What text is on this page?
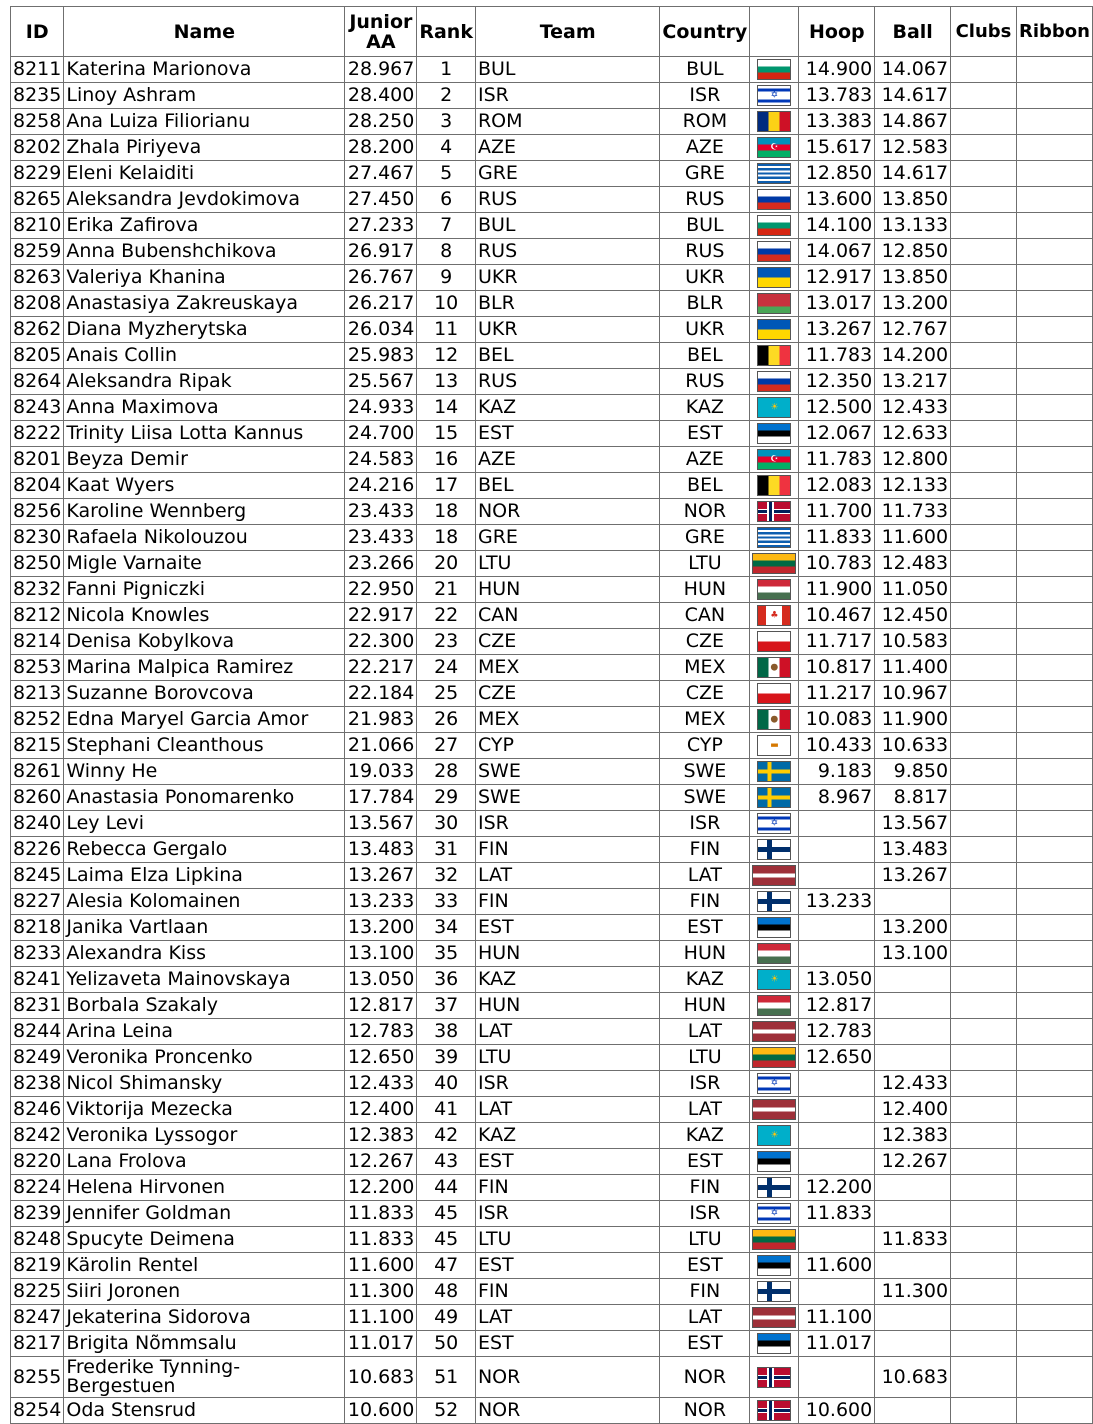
ID	Name	Junior AA	Rank	Team	Country		Hoop	Ball	Clubs	Ribbon
8211	Katerina Marionova	28.967	1	BUL	BUL		14.900	14.067		
8235	Linoy Ashram	28.400	2	ISR	ISR	✡	13.783	14.617		
8258	Ana Luiza Filiorianu	28.250	3	ROM	ROM		13.383	14.867		
8202	Zhala Piriyeva	28.200	4	AZE	AZE	☪	15.617	12.583		
8229	Eleni Kelaiditi	27.467	5	GRE	GRE		12.850	14.617		
8265	Aleksandra Jevdokimova	27.450	6	RUS	RUS		13.600	13.850		
8210	Erika Zafirova	27.233	7	BUL	BUL		14.100	13.133		
8259	Anna Bubenshchikova	26.917	8	RUS	RUS		14.067	12.850		
8263	Valeriya Khanina	26.767	9	UKR	UKR		12.917	13.850		
8208	Anastasiya Zakreuskaya	26.217	10	BLR	BLR		13.017	13.200		
8262	Diana Myzherytska	26.034	11	UKR	UKR		13.267	12.767		
8205	Anais Collin	25.983	12	BEL	BEL		11.783	14.200		
8264	Aleksandra Ripak	25.567	13	RUS	RUS		12.350	13.217		
8243	Anna Maximova	24.933	14	KAZ	KAZ	☀	12.500	12.433		
8222	Trinity Liisa Lotta Kannus	24.700	15	EST	EST		12.067	12.633		
8201	Beyza Demir	24.583	16	AZE	AZE	☪	11.783	12.800		
8204	Kaat Wyers	24.216	17	BEL	BEL		12.083	12.133		
8256	Karoline Wennberg	23.433	18	NOR	NOR		11.700	11.733		
8230	Rafaela Nikolouzou	23.433	18	GRE	GRE		11.833	11.600		
8250	Migle Varnaite	23.266	20	LTU	LTU		10.783	12.483		
8232	Fanni Pigniczki	22.950	21	HUN	HUN		11.900	11.050		
8212	Nicola Knowles	22.917	22	CAN	CAN	♣	10.467	12.450		
8214	Denisa Kobylkova	22.300	23	CZE	CZE		11.717	10.583		
8253	Marina Malpica Ramirez	22.217	24	MEX	MEX	●	10.817	11.400		
8213	Suzanne Borovcova	22.184	25	CZE	CZE		11.217	10.967		
8252	Edna Maryel Garcia Amor	21.983	26	MEX	MEX	●	10.083	11.900		
8215	Stephani Cleanthous	21.066	27	CYP	CYP	▬	10.433	10.633		
8261	Winny He	19.033	28	SWE	SWE		9.183	9.850		
8260	Anastasia Ponomarenko	17.784	29	SWE	SWE		8.967	8.817		
8240	Ley Levi	13.567	30	ISR	ISR	✡		13.567		
8226	Rebecca Gergalo	13.483	31	FIN	FIN			13.483		
8245	Laima Elza Lipkina	13.267	32	LAT	LAT			13.267		
8227	Alesia Kolomainen	13.233	33	FIN	FIN		13.233			
8218	Janika Vartlaan	13.200	34	EST	EST			13.200		
8233	Alexandra Kiss	13.100	35	HUN	HUN			13.100		
8241	Yelizaveta Mainovskaya	13.050	36	KAZ	KAZ	☀	13.050			
8231	Borbala Szakaly	12.817	37	HUN	HUN		12.817			
8244	Arina Leina	12.783	38	LAT	LAT		12.783			
8249	Veronika Proncenko	12.650	39	LTU	LTU		12.650			
8238	Nicol Shimansky	12.433	40	ISR	ISR	✡		12.433		
8246	Viktorija Mezecka	12.400	41	LAT	LAT			12.400		
8242	Veronika Lyssogor	12.383	42	KAZ	KAZ	☀		12.383		
8220	Lana Frolova	12.267	43	EST	EST			12.267		
8224	Helena Hirvonen	12.200	44	FIN	FIN		12.200			
8239	Jennifer Goldman	11.833	45	ISR	ISR	✡	11.833			
8248	Spucyte Deimena	11.833	45	LTU	LTU			11.833		
8219	Kärolin Rentel	11.600	47	EST	EST		11.600			
8225	Siiri Joronen	11.300	48	FIN	FIN			11.300		
8247	Jekaterina Sidorova	11.100	49	LAT	LAT		11.100			
8217	Brigita Nõmmsalu	11.017	50	EST	EST		11.017			
8255	Frederike Tynning-Bergestuen	10.683	51	NOR	NOR			10.683		
8254	Oda Stensrud	10.600	52	NOR	NOR		10.600			
